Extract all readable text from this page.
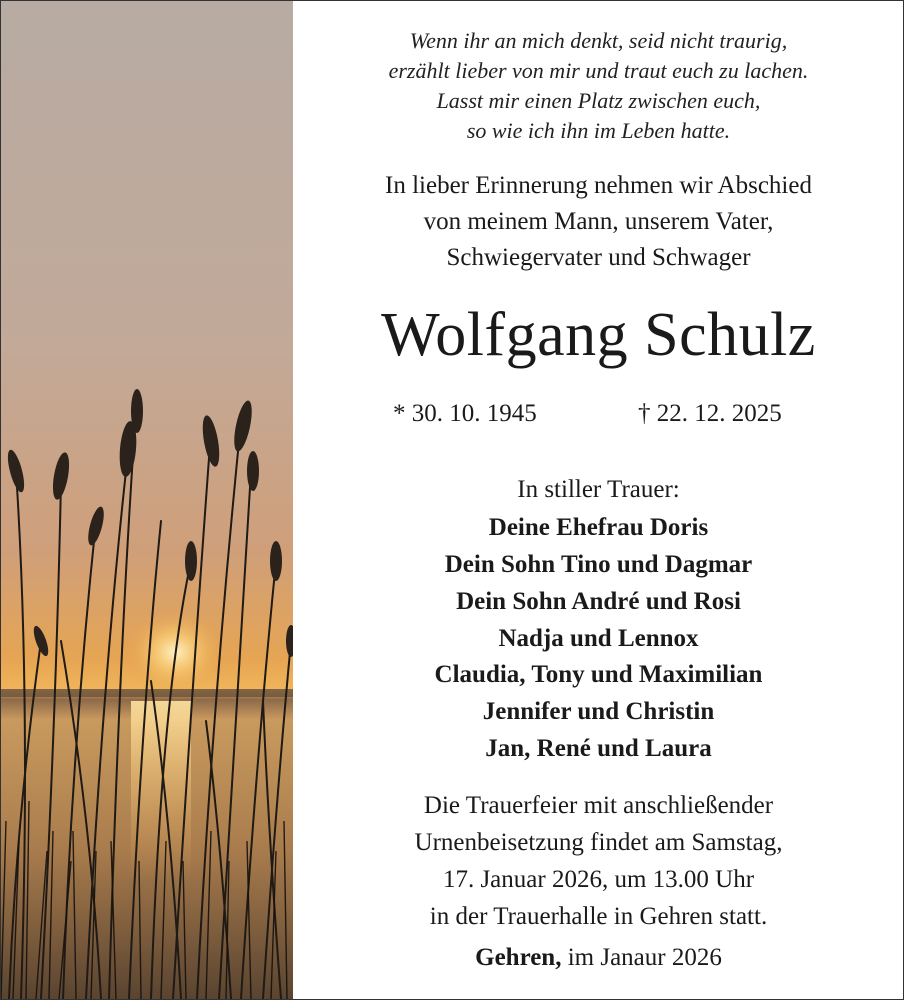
Wenn ihr an mich denkt, seid nicht traurig,
erzählt lieber von mir und traut euch zu lachen.
Lasst mir einen Platz zwischen euch,
so wie ich ihn im Leben hatte.
In lieber Erinnerung nehmen wir Abschied
von meinem Mann, unserem Vater,
Schwiegervater und Schwager
Wolfgang Schulz
* 30. 10. 1945	† 22. 12. 2025
In stiller Trauer:
Deine Ehefrau Doris
Dein Sohn Tino und Dagmar
Dein Sohn André und Rosi
Nadja und Lennox
Claudia, Tony und Maximilian
Jennifer und Christin
Jan, René und Laura
Die Trauerfeier mit anschließender
Urnenbeisetzung findet am Samstag,
17. Januar 2026, um 13.00 Uhr
in der Trauerhalle in Gehren statt.
Gehren, im Janaur 2026
